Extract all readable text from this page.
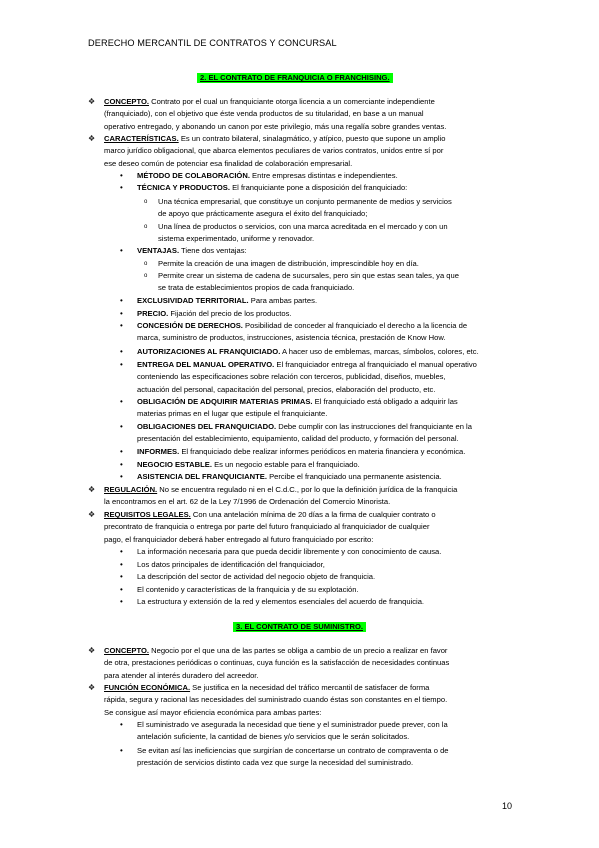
DERECHO MERCANTIL DE CONTRATOS Y CONCURSAL
2. EL CONTRATO DE FRANQUICIA O FRANCHISING.
❖ CONCEPTO. Contrato por el cual un franquiciante otorga licencia a un comerciante independiente
(franquiciado), con el objetivo que éste venda productos de su titularidad, en base a un manual
operativo entregado, y abonando un canon por este privilegio, más una regalía sobre grandes ventas.
❖ CARACTERÍSTICAS. Es un contrato bilateral, sinalagmático, y atípico, puesto que supone un amplio
marco jurídico obligacional, que abarca elementos peculiares de varios contratos, unidos entre sí por
ese deseo común de potenciar esa finalidad de colaboración empresarial.
• MÉTODO DE COLABORACIÓN. Entre empresas distintas e independientes.
• TÉCNICA Y PRODUCTOS. El franquiciante pone a disposición del franquiciado:
o Una técnica empresarial, que constituye un conjunto permanente de medios y servicios
de apoyo que prácticamente asegura el éxito del franquiciado;
o Una línea de productos o servicios, con una marca acreditada en el mercado y con un
sistema experimentado, uniforme y renovador.
• VENTAJAS. Tiene dos ventajas:
o Permite la creación de una imagen de distribución, imprescindible hoy en día.
o Permite crear un sistema de cadena de sucursales, pero sin que estas sean tales, ya que
se trata de establecimientos propios de cada franquiciado.
• EXCLUSIVIDAD TERRITORIAL. Para ambas partes.
• PRECIO. Fijación del precio de los productos.
• CONCESIÓN DE DERECHOS. Posibilidad de conceder al franquiciado el derecho a la licencia de
marca, suministro de productos, instrucciones, asistencia técnica, prestación de Know How.
• AUTORIZACIONES AL FRANQUICIADO. A hacer uso de emblemas, marcas, símbolos, colores, etc.
• ENTREGA DEL MANUAL OPERATIVO. El franquiciador entrega al franquiciado el manual operativo
conteniendo las especificaciones sobre relación con terceros, publicidad, diseños, muebles,
actuación del personal, capacitación del personal, precios, elaboración del producto, etc.
• OBLIGACIÓN DE ADQUIRIR MATERIAS PRIMAS. El franquiciado está obligado a adquirir las
materias primas en el lugar que estipule el franquiciante.
• OBLIGACIONES DEL FRANQUICIADO. Debe cumplir con las instrucciones del franquiciante en la
presentación del establecimiento, equipamiento, calidad del producto, y formación del personal.
• INFORMES. El franquiciado debe realizar informes periódicos en materia financiera y económica.
• NEGOCIO ESTABLE. Es un negocio estable para el franquiciado.
• ASISTENCIA DEL FRANQUICIANTE. Percibe el franquiciado una permanente asistencia.
❖ REGULACIÓN. No se encuentra regulado ni en el C.d.C., por lo que la definición jurídica de la franquicia
la encontramos en el art. 62 de la Ley 7/1996 de Ordenación del Comercio Minorista.
❖ REQUISITOS LEGALES. Con una antelación mínima de 20 días a la firma de cualquier contrato o
precontrato de franquicia o entrega por parte del futuro franquiciado al franquiciador de cualquier
pago, el franquiciador deberá haber entregado al futuro franquiciado por escrito:
• La información necesaria para que pueda decidir libremente y con conocimiento de causa.
• Los datos principales de identificación del franquiciador,
• La descripción del sector de actividad del negocio objeto de franquicia.
• El contenido y características de la franquicia y de su explotación.
• La estructura y extensión de la red y elementos esenciales del acuerdo de franquicia.
3. EL CONTRATO DE SUMINISTRO.
❖ CONCEPTO. Negocio por el que una de las partes se obliga a cambio de un precio a realizar en favor
de otra, prestaciones periódicas o continuas, cuya función es la satisfacción de necesidades continuas
para atender al interés duradero del acreedor.
❖ FUNCIÓN ECONÓMICA. Se justifica en la necesidad del tráfico mercantil de satisfacer de forma
rápida, segura y racional las necesidades del suministrado cuando éstas son constantes en el tiempo.
Se consigue así mayor eficiencia económica para ambas partes:
• El suministrado ve asegurada la necesidad que tiene y el suministrador puede prever, con la
antelación suficiente, la cantidad de bienes y/o servicios que le serán solicitados.
• Se evitan así las ineficiencias que surgirían de concertarse un contrato de compraventa o de
prestación de servicios distinto cada vez que surge la necesidad del suministrado.
10
